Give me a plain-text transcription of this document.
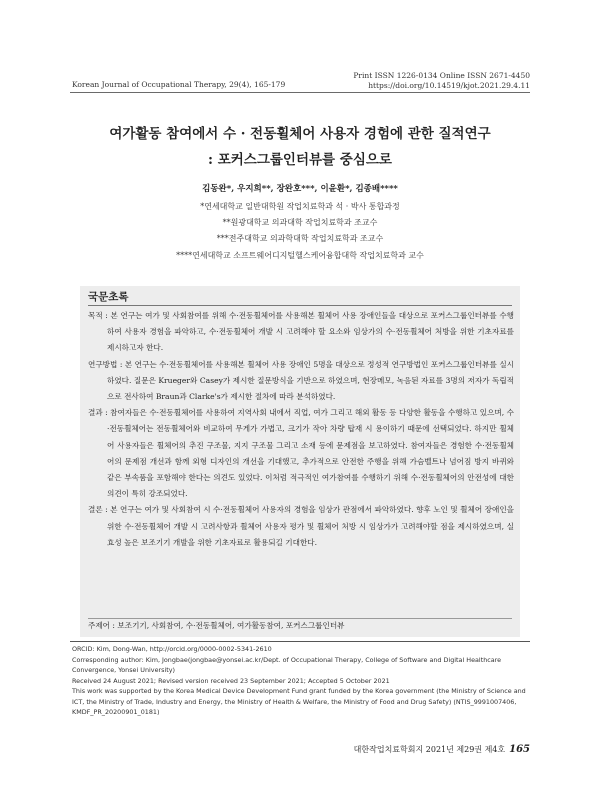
Korean Journal of Occupational Therapy, 29(4), 165-179
Print ISSN 1226-0134 Online ISSN 2671-4450
https://doi.org/10.14519/kjot.2021.29.4.11
여가활동 참여에서 수 · 전동휠체어 사용자 경험에 관한 질적연구
: 포커스그룹인터뷰를 중심으로
김동완*, 우지희**, 장완호***, 이윤환*, 김종배****
*연세대학교 일반대학원 작업치료학과 석 · 박사 통합과정
**원광대학교 의과대학 작업치료학과 조교수
***전주대학교 의과학대학 작업치료학과 조교수
****연세대학교 소프트웨어디지털헬스케어융합대학 작업치료학과 교수
국문초록

목적 : 본 연구는 여가 및 사회참여를 위해 수·전동휠체어를 사용해본 휠체어 사용 장애인들을 대상으로 포커스그룹인터뷰를 수행하여 사용자 경험을 파악하고, 수·전동휠체어 개발 시 고려해야 할 요소와 임상가의 수·전동휠체어 처방을 위한 기초자료를 제시하고자 한다.

연구방법 : 본 연구는 수·전동휠체어를 사용해본 휠체어 사용 장애인 5명을 대상으로 정성적 연구방법인 포커스그룹인터뷰를 실시하였다. 질문은 Krueger와 Casey가 제시한 질문방식을 기반으로 하였으며, 현장메모, 녹음된 자료를 3명의 저자가 독립적으로 전사하여 Braun과 Clarke's가 제시한 절차에 따라 분석하였다.

결과 : 참여자들은 수·전동휠체어를 사용하여 지역사회 내에서 직업, 여가 그리고 해외 활동 등 다양한 활동을 수행하고 있으며, 수·전동휠체어는 전동휠체어와 비교하여 무게가 가볍고, 크기가 작아 차량 탑재 시 용이하기 때문에 선택되었다. 하지만 휠체어 사용자들은 휠체어의 추진 구조물, 지지 구조물 그리고 소재 등에 문제점을 보고하였다. 참여자들은 경험한 수·전동휠체어의 문제점 개선과 함께 외형 디자인의 개선을 기대했고, 추가적으로 안전한 주행을 위해 가슴벨트나 넘어짐 방지 바퀴와 같은 부속품을 포함해야 한다는 의견도 있었다. 이처럼 적극적인 여가참여를 수행하기 위해 수·전동휠체어의 안전성에 대한 의견이 특히 강조되었다.

결론 : 본 연구는 여가 및 사회참여 시 수·전동휠체어 사용자의 경험을 임상가 관점에서 파악하였다. 향후 노인 및 휠체어 장애인을 위한 수·전동휠체어 개발 시 고려사항과 휠체어 사용자 평가 및 휠체어 처방 시 임상가가 고려해야할 점을 제시하였으며, 실효성 높은 보조기기 개발을 위한 기초자료로 활용되길 기대한다.

주제어 : 보조기기, 사회참여, 수·전동휠체어, 여가활동참여, 포커스그룹인터뷰

ORCID: Kim, Dong-Wan, http://orcid.org/0000-0002-5341-2610

Corresponding author: Kim, Jongbae(jongbae@yonsei.ac.kr/Dept. of Occupational Therapy, College of Software and Digital Healthcare Convergence, Yonsei University)

Received 24 August 2021; Revised version received 23 September 2021; Accepted 5 October 2021

This work was supported by the Korea Medical Device Development Fund grant funded by the Korea government (the Ministry of Science and ICT, the Ministry of Trade, Industry and Energy, the Ministry of Health & Welfare, the Ministry of Food and Drug Safety) (NTIS_9991007406, KMDF_PR_20200901_0181)

대한작업치료학회지 2021년 제29권 제4호 165
